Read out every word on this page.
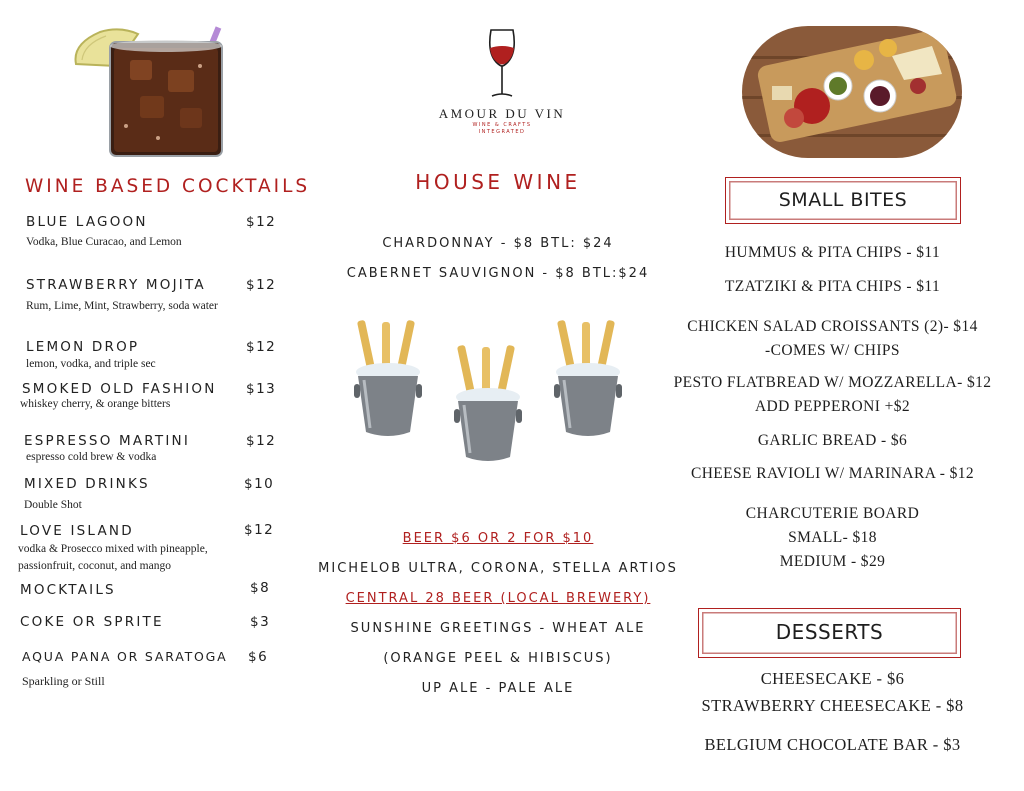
AMOUR DU VIN
WINE & CRAFTS
INTEGRATED
WINE BASED COCKTAILS
BLUE LAGOON	$12
Vodka, Blue Curacao, and Lemon
STRAWBERRY MOJITA	$12
Rum, Lime, Mint, Strawberry, soda water
LEMON DROP	$12
lemon, vodka, and triple sec
SMOKED OLD FASHION $13
whiskey cherry, & orange bitters
ESPRESSO MARTINI	$12
espresso cold brew & vodka
MIXED DRINKS	$10
Double Shot
LOVE ISLAND	$12
vodka & Prosecco mixed with pineapple,
passionfruit, coconut, and mango
MOCKTAILS	$8
COKE OR SPRITE	$3
AQUA PANA OR SARATOGA $6
Sparkling or Still
HOUSE WINE
CHARDONNAY - $8 BTL: $24
CABERNET SAUVIGNON - $8 BTL:$24
BEER $6 OR 2 FOR $10
MICHELOB ULTRA, CORONA, STELLA ARTIOS
CENTRAL 28 BEER (LOCAL BREWERY)
SUNSHINE GREETINGS - WHEAT ALE
(ORANGE PEEL & HIBISCUS)
UP ALE - PALE ALE
SMALL BITES
HUMMUS & PITA CHIPS - $11
TZATZIKI & PITA CHIPS - $11
CHICKEN SALAD CROISSANTS (2)- $14
-COMES W/ CHIPS
PESTO FLATBREAD W/ MOZZARELLA- $12
ADD PEPPERONI +$2
GARLIC BREAD - $6
CHEESE RAVIOLI W/ MARINARA - $12
CHARCUTERIE BOARD
SMALL- $18
MEDIUM - $29
DESSERTS
CHEESECAKE - $6
STRAWBERRY CHEESECAKE - $8
BELGIUM CHOCOLATE BAR - $3
